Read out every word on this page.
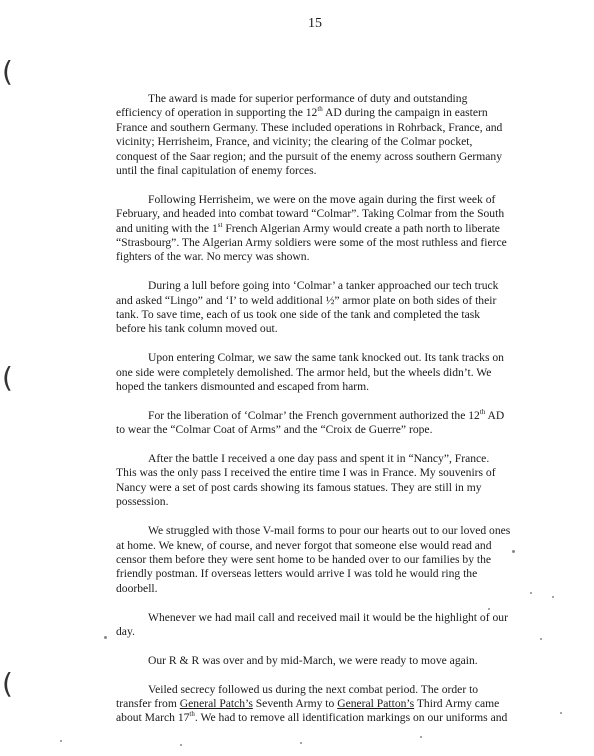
15
(
(
(

The award is made for superior performance of duty and outstanding efficiency of operation in supporting the 12th AD during the campaign in eastern France and southern Germany. These included operations in Rohrback, France, and vicinity; Herrisheim, France, and vicinity; the clearing of the Colmar pocket, conquest of the Saar region; and the pursuit of the enemy across southern Germany until the final capitulation of enemy forces.

Following Herrisheim, we were on the move again during the first week of February, and headed into combat toward “Colmar”. Taking Colmar from the South and uniting with the 1st French Algerian Army would create a path north to liberate “Strasbourg”. The Algerian Army soldiers were some of the most ruthless and fierce fighters of the war. No mercy was shown.

During a lull before going into ‘Colmar’ a tanker approached our tech truck and asked “Lingo” and ‘I’ to weld additional ½” armor plate on both sides of their tank. To save time, each of us took one side of the tank and completed the task before his tank column moved out.

Upon entering Colmar, we saw the same tank knocked out. Its tank tracks on one side were completely demolished. The armor held, but the wheels didn’t. We hoped the tankers dismounted and escaped from harm.

For the liberation of ‘Colmar’ the French government authorized the 12th AD to wear the “Colmar Coat of Arms” and the “Croix de Guerre” rope.

After the battle I received a one day pass and spent it in “Nancy”, France. This was the only pass I received the entire time I was in France. My souvenirs of Nancy were a set of post cards showing its famous statues. They are still in my possession.

We struggled with those V-mail forms to pour our hearts out to our loved ones at home. We knew, of course, and never forgot that someone else would read and censor them before they were sent home to be handed over to our families by the friendly postman. If overseas letters would arrive I was told he would ring the doorbell.

Whenever we had mail call and received mail it would be the highlight of our day.

Our R & R was over and by mid-March, we were ready to move again.

Veiled secrecy followed us during the next combat period. The order to transfer from General Patch’s Seventh Army to General Patton’s Third Army came about March 17th. We had to remove all identification markings on our uniforms and
